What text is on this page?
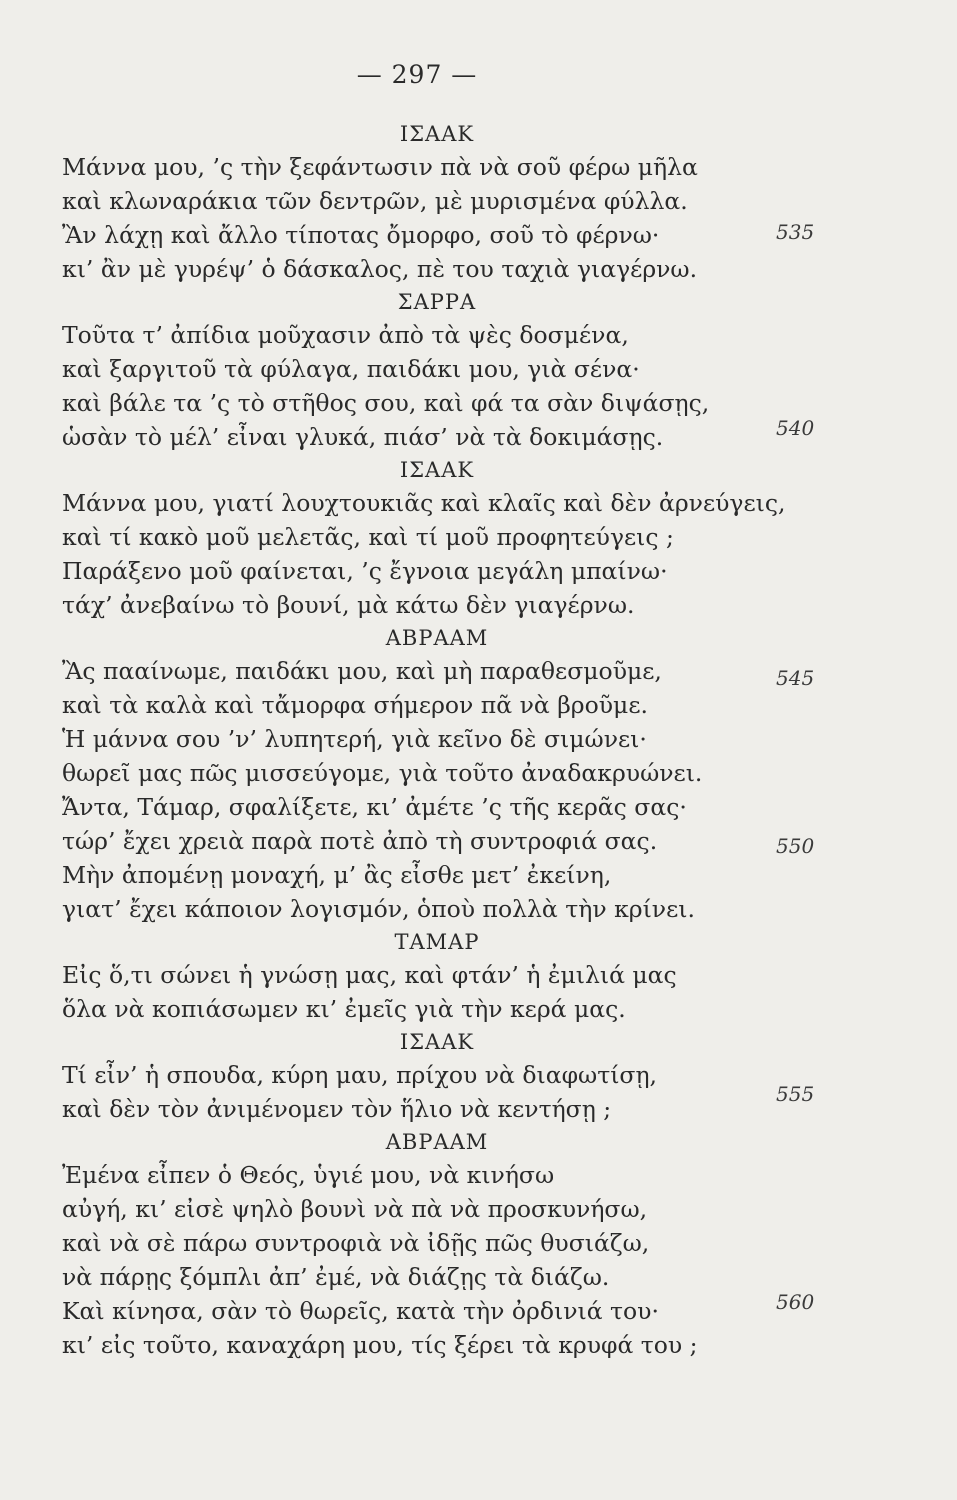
— 297 —
ΙΣΑΑΚ
Μάννα μου, ’ς τὴν ξεφάντωσιν πὰ νὰ σοῦ φέρω μῆλα
καὶ κλωναράκια τῶν δεντρῶν, μὲ μυρισμένα φύλλα.
Ἂν λάχῃ καὶ ἄλλο τίποτας ὄμορφο, σοῦ τὸ φέρνω·
κι’ ἂν μὲ γυρέψ’ ὁ δάσκαλος, πὲ του ταχιὰ γιαγέρνω.
ΣΑΡΡΑ
Τοῦτα τ’ ἀπίδια μοῦχασιν ἀπὸ τὰ ψὲς δοσμένα,
καὶ ξαργιτοῦ τὰ φύλαγα, παιδάκι μου, γιὰ σένα·
καὶ βάλε τα ’ς τὸ στῆθος σου, καὶ φά τα σὰν διψάσῃς,
ὡσὰν τὸ μέλ’ εἶναι γλυκά, πιάσ’ νὰ τὰ δοκιμάσῃς.
ΙΣΑΑΚ
Μάννα μου, γιατί λουχτουκιᾶς καὶ κλαῖς καὶ δὲν ἀρνεύγεις,
καὶ τί κακὸ μοῦ μελετᾶς, καὶ τί μοῦ προφητεύγεις ;
Παράξενο μοῦ φαίνεται, ’ς ἔγνοια μεγάλη μπαίνω·
τάχ’ ἀνεβαίνω τὸ βουνί, μὰ κάτω δὲν γιαγέρνω.
ΑΒΡΑΑΜ
Ἂς πααίνωμε, παιδάκι μου, καὶ μὴ παραθεσμοῦμε,
καὶ τὰ καλὰ καὶ τἄμορφα σήμερον πᾶ νὰ βροῦμε.
Ἡ μάννα σου ’ν’ λυπητερή, γιὰ κεῖνο δὲ σιμώνει·
θωρεῖ μας πῶς μισσεύγομε, γιὰ τοῦτο ἀναδακρυώνει.
Ἄντα, Τάμαρ, σφαλίξετε, κι’ ἀμέτε ’ς τῆς κερᾶς σας·
τώρ’ ἔχει χρειὰ παρὰ ποτὲ ἀπὸ τὴ συντροφιά σας.
Μὴν ἀπομένῃ μοναχή, μ’ ἂς εἶσθε μετ’ ἐκείνη,
γιατ’ ἔχει κάποιον λογισμόν, ὁποὺ πολλὰ τὴν κρίνει.
ΤΑΜΑΡ
Εἰς ὅ,τι σώνει ἡ γνώσῃ μας, καὶ φτάν’ ἡ ἐμιλιά μας
ὅλα νὰ κοπιάσωμεν κι’ ἐμεῖς γιὰ τὴν κερά μας.
ΙΣΑΑΚ
Τί εἶν’ ἡ σπουδα, κύρη μαυ, πρίχου νὰ διαφωτίσῃ,
καὶ δὲν τὸν ἀνιμένομεν τὸν ἥλιο νὰ κεντήσῃ ;
ΑΒΡΑΑΜ
Ἐμένα εἶπεν ὁ Θεός, ὑγιέ μου, νὰ κινήσω
αὐγή, κι’ εἰσὲ ψηλὸ βουνὶ νὰ πὰ νὰ προσκυνήσω,
καὶ νὰ σὲ πάρω συντροφιὰ νὰ ἰδῇς πῶς θυσιάζω,
νὰ πάρῃς ξόμπλι ἀπ’ ἐμέ, νὰ διάζῃς τὰ διάζω.
Καὶ κίνησα, σὰν τὸ θωρεῖς, κατὰ τὴν ὀρδινιά του·
κι’ εἰς τοῦτο, καναχάρη μου, τίς ξέρει τὰ κρυφά του ;
535
540
545
550
555
560
